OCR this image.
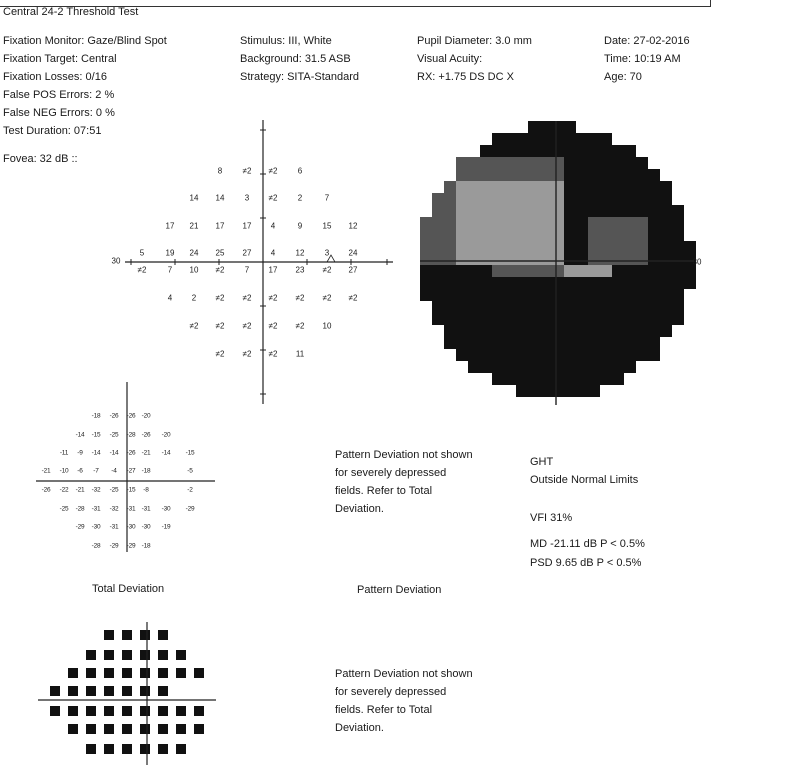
Central 24-2 Threshold Test
Fixation Monitor: Gaze/Blind Spot
Fixation Target: Central
Fixation Losses: 0/16
False POS Errors: 2 %
False NEG Errors: 0 %
Test Duration: 07:51
Stimulus: III, White
Background: 31.5 ASB
Strategy: SITA-Standard
Pupil Diameter: 3.0 mm
Visual Acuity:
RX: +1.75 DS DC X
Date: 27-02-2016
Time: 10:19 AM
Age: 70
Fovea: 32 dB ::
30
8	≠2 ≠2	6
14 14	3 ≠2	2	7
17 21 17 17 4	9	15 12
5	19 24 25 27 4	12	3 24
≠2	7 10 ≠2	7 17 23 ≠2 27
4 2 ≠2 ≠2 ≠2 ≠2 ≠2 ≠2
≠2 ≠2 ≠2 ≠2 ≠2 10
≠2 ≠2 ≠2 11
30
-18 -26 -26 -20
-14 -15 -25 -28 -26 -20
-11 -9 -14 -14 -26 -21 -14 -15
-21 -10 -6 -7 -4 -27 -18	-5
-26 -22 -21 -32 -25 -15 -8	-2
-25 -28 -31 -32 -31 -31 -30 -29
-29 -30 -31 -30 -30 -19
-28 -29 -29 -18
Total Deviation
Pattern Deviation not shown for severely depressed fields. Refer to Total Deviation.
Pattern Deviation
Pattern Deviation not shown for severely depressed fields. Refer to Total Deviation.
GHT
Outside Normal Limits
VFI 31%
MD -21.11 dB P < 0.5%
PSD 9.65 dB P < 0.5%
